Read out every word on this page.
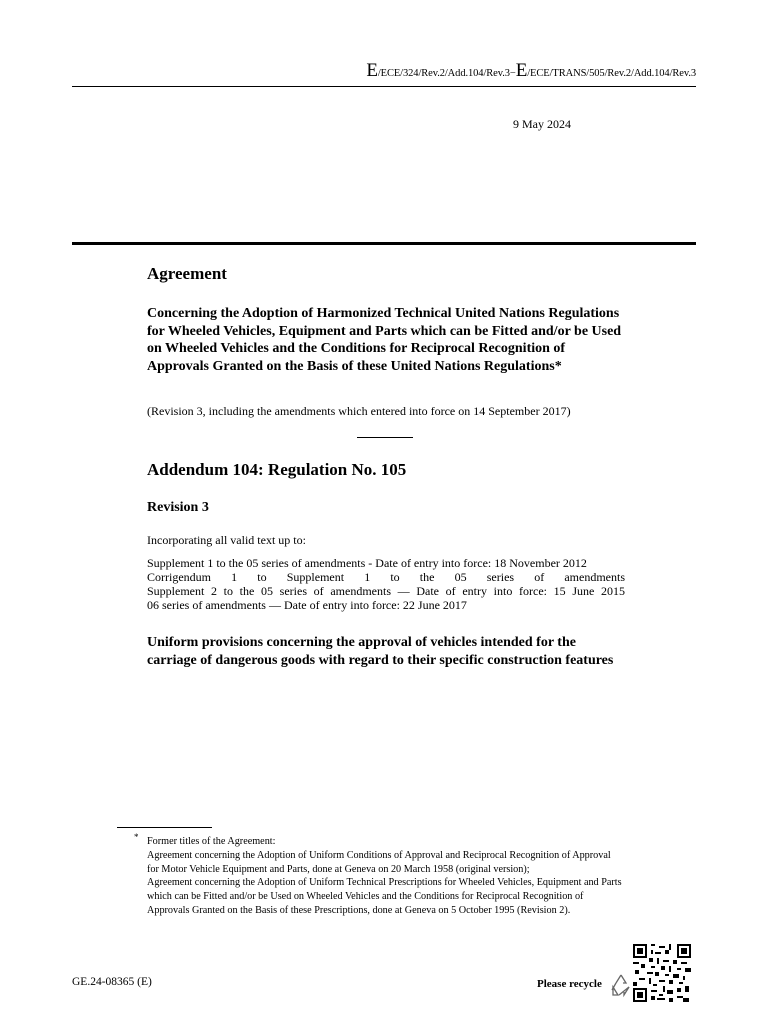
E/ECE/324/Rev.2/Add.104/Rev.3−E/ECE/TRANS/505/Rev.2/Add.104/Rev.3
9 May 2024
Agreement
Concerning the Adoption of Harmonized Technical United Nations Regulations for Wheeled Vehicles, Equipment and Parts which can be Fitted and/or be Used on Wheeled Vehicles and the Conditions for Reciprocal Recognition of Approvals Granted on the Basis of these United Nations Regulations*
(Revision 3, including the amendments which entered into force on 14 September 2017)
Addendum 104: Regulation No. 105
Revision 3
Incorporating all valid text up to:
Supplement 1 to the 05 series of amendments - Date of entry into force: 18 November 2012
Corrigendum 1 to Supplement 1 to the 05 series of amendments
Supplement 2 to the 05 series of amendments — Date of entry into force: 15 June 2015
06 series of amendments — Date of entry into force: 22 June 2017
Uniform provisions concerning the approval of vehicles intended for the carriage of dangerous goods with regard to their specific construction features
* Former titles of the Agreement:
Agreement concerning the Adoption of Uniform Conditions of Approval and Reciprocal Recognition of Approval for Motor Vehicle Equipment and Parts, done at Geneva on 20 March 1958 (original version);
Agreement concerning the Adoption of Uniform Technical Prescriptions for Wheeled Vehicles, Equipment and Parts which can be Fitted and/or be Used on Wheeled Vehicles and the Conditions for Reciprocal Recognition of Approvals Granted on the Basis of these Prescriptions, done at Geneva on 5 October 1995 (Revision 2).
GE.24-08365 (E)	Please recycle
